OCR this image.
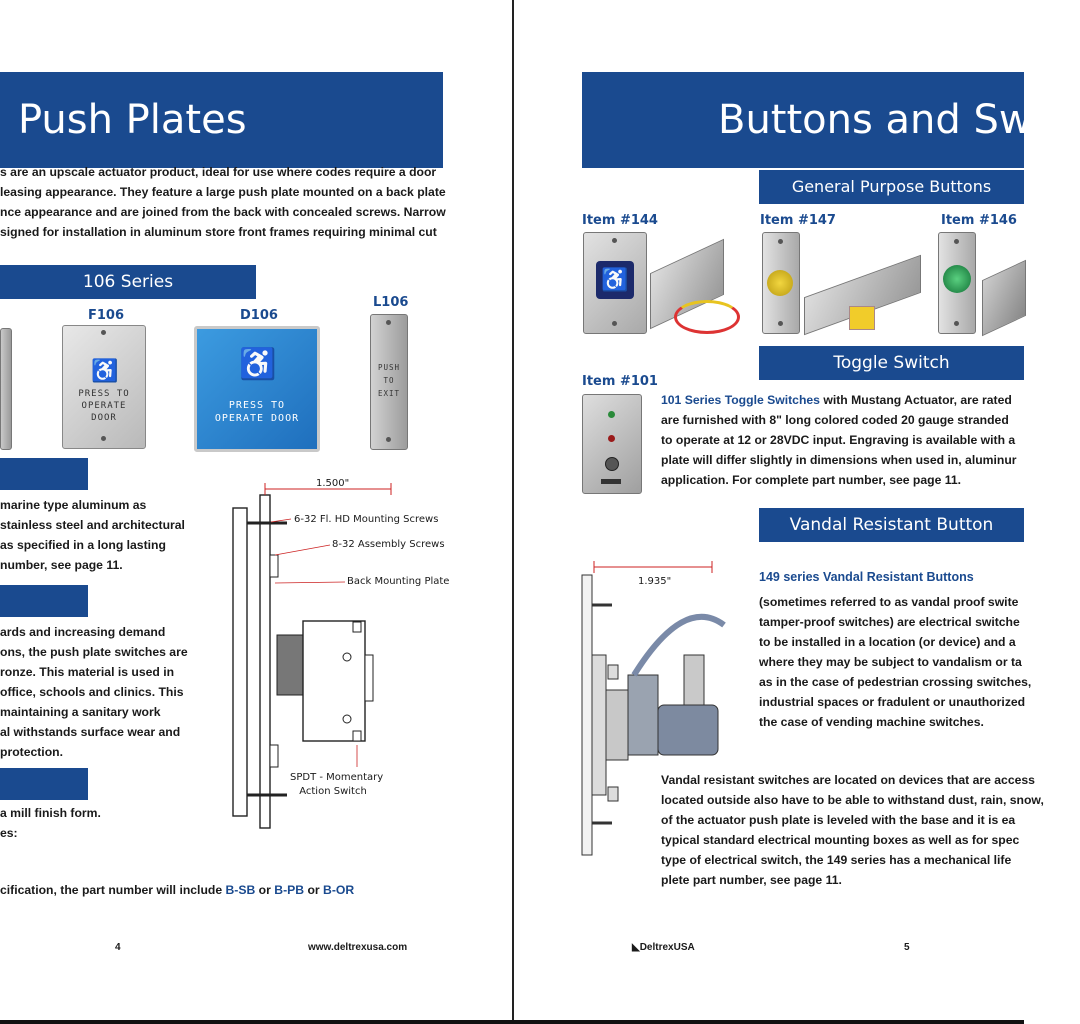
Push Plates
s are an upscale actuator product, ideal for use where codes require a door
leasing appearance. They feature a large push plate mounted on a back plate
nce appearance and are joined from the back with concealed screws. Narrow
signed for installation in aluminum store front frames requiring minimal cut
106 Series
F106
♿
PRESS TO
OPERATE
DOOR
D106
♿
PRESS TO
OPERATE DOOR
L106
PUSH
TO
EXIT
marine type aluminum as
stainless steel and architectural
as specified in a long lasting
number, see page 11.
ards and increasing demand
ons, the push plate switches are
ronze. This material is used in
office, schools and clinics. This
maintaining a sanitary work
al withstands surface wear and
protection.
a mill finish form.
es:
cification, the part number will include B-SB or B-PB or B-OR
1.500"
6-32 Fl. HD Mounting Screws
8-32 Assembly Screws
Back Mounting Plate
SPDT - Momentary
Action Switch
4	www.deltrexusa.com
Buttons and Switc
General Purpose Buttons
Item #144
♿
Item #147	Item #146
Toggle Switch
Item #101
101 Series Toggle Switches with Mustang Actuator, are rated
are furnished with 8" long colored coded 20 gauge stranded
to operate at 12 or 28VDC input. Engraving is available with a
plate will differ slightly in dimensions when used in, aluminur
application. For complete part number, see page 11.
Vandal Resistant Button
1.935"	149 series Vandal Resistant Buttons
(sometimes referred to as vandal proof swite
tamper-proof switches) are electrical switche
to be installed in a location (or device) and a
where they may be subject to vandalism or ta
as in the case of pedestrian crossing switches,
industrial spaces or fradulent or unauthorized
the case of vending machine switches.
Vandal resistant switches are located on devices that are access
located outside also have to be able to withstand dust, rain, snow,
of the actuator push plate is leveled with the base and it is ea
typical standard electrical mounting boxes as well as for spec
type of electrical switch, the 149 series has a mechanical life
plete part number, see page 11.
◣DeltrexUSA	5
